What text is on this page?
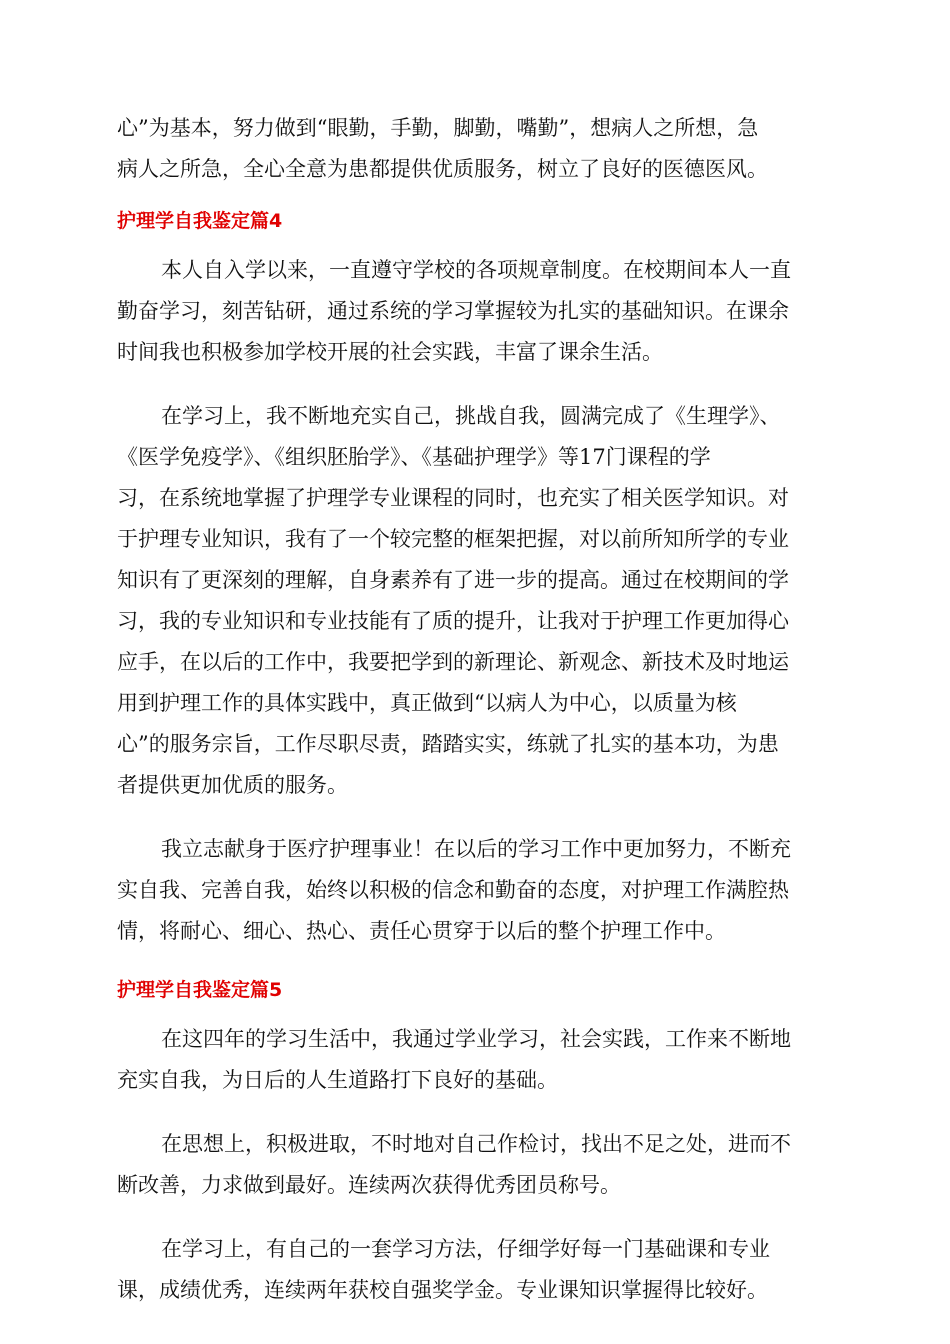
心”为基本，努力做到“眼勤，手勤，脚勤，嘴勤”，想病人之所想，急
病人之所急，全心全意为患都提供优质服务，树立了良好的医德医风。
护理学自我鉴定篇4
本人自入学以来，一直遵守学校的各项规章制度。在校期间本人一直
勤奋学习，刻苦钻研，通过系统的学习掌握较为扎实的基础知识。在课余
时间我也积极参加学校开展的社会实践，丰富了课余生活。
在学习上，我不断地充实自己，挑战自我，圆满完成了《生理学》、
《医学免疫学》、《组织胚胎学》、《基础护理学》等17门课程的学
习，在系统地掌握了护理学专业课程的同时，也充实了相关医学知识。对
于护理专业知识，我有了一个较完整的框架把握，对以前所知所学的专业
知识有了更深刻的理解，自身素养有了进一步的提高。通过在校期间的学
习，我的专业知识和专业技能有了质的提升，让我对于护理工作更加得心
应手，在以后的工作中，我要把学到的新理论、新观念、新技术及时地运
用到护理工作的具体实践中，真正做到“以病人为中心，以质量为核
心”的服务宗旨，工作尽职尽责，踏踏实实，练就了扎实的基本功，为患
者提供更加优质的服务。
我立志献身于医疗护理事业！在以后的学习工作中更加努力，不断充
实自我、完善自我，始终以积极的信念和勤奋的态度，对护理工作满腔热
情，将耐心、细心、热心、责任心贯穿于以后的整个护理工作中。
护理学自我鉴定篇5
在这四年的学习生活中，我通过学业学习，社会实践，工作来不断地
充实自我，为日后的人生道路打下良好的基础。
在思想上，积极进取，不时地对自己作检讨，找出不足之处，进而不
断改善，力求做到最好。连续两次获得优秀团员称号。
在学习上，有自己的一套学习方法，仔细学好每一门基础课和专业
课，成绩优秀，连续两年获校自强奖学金。专业课知识掌握得比较好。
